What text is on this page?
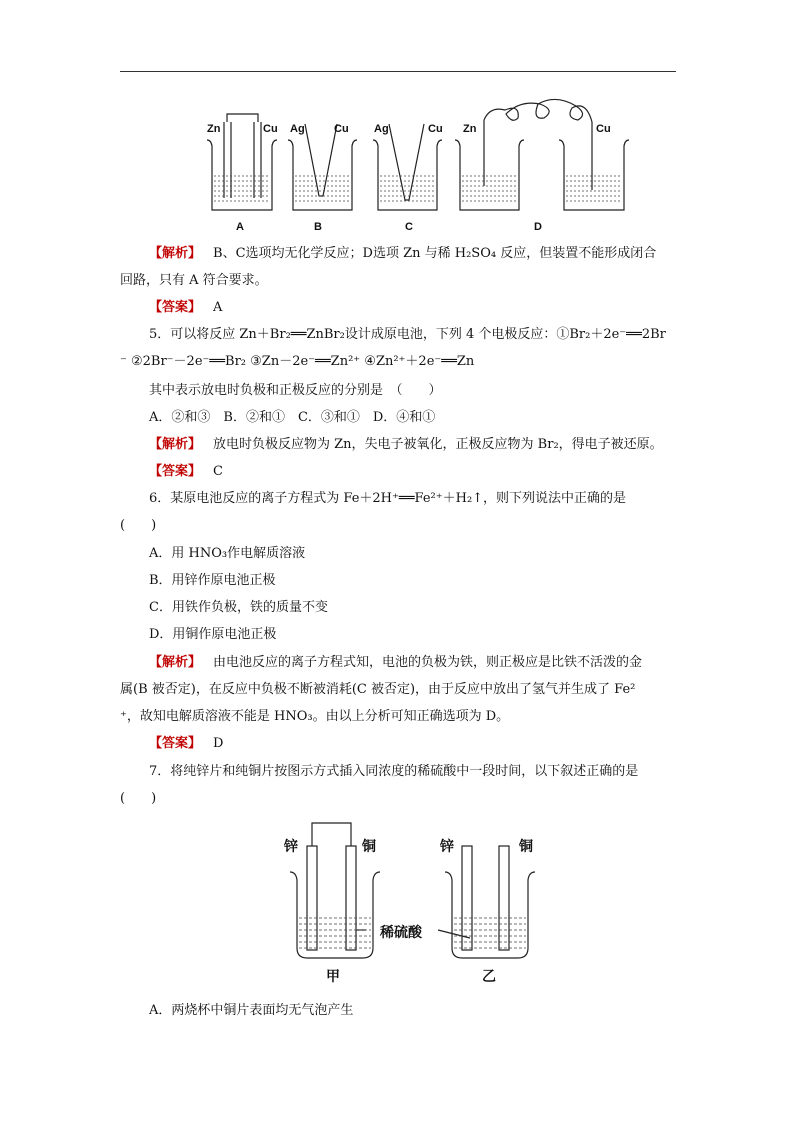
Zn	Cu Ag	Cu Ag	Cu Zn	Cu
A	B	C	D
【解析】 B、C选项均无化学反应；D选项 Zn 与稀 H₂SO₄ 反应，但装置不能形成闭合
回路，只有 A 符合要求。
【答案】 A
5．可以将反应 Zn＋Br₂══ZnBr₂设计成原电池，下列 4 个电极反应：①Br₂＋2e⁻══2Br
⁻ ②2Br⁻－2e⁻══Br₂ ③Zn－2e⁻══Zn²⁺ ④Zn²⁺＋2e⁻══Zn
其中表示放电时负极和正极反应的分别是　（　　）
A．②和③　B．②和①　C．③和①　D．④和①
【解析】 放电时负极反应物为 Zn，失电子被氧化，正极反应物为 Br₂，得电子被还原。
【答案】 C
6．某原电池反应的离子方程式为 Fe＋2H⁺══Fe²⁺＋H₂↑，则下列说法中正确的是
(　　)
A．用 HNO₃作电解质溶液
B．用锌作原电池正极
C．用铁作负极，铁的质量不变
D．用铜作原电池正极
【解析】 由电池反应的离子方程式知，电池的负极为铁，则正极应是比铁不活泼的金
属(B 被否定)，在反应中负极不断被消耗(C 被否定)，由于反应中放出了氢气并生成了 Fe²
⁺，故知电解质溶液不能是 HNO₃。由以上分析可知正确选项为 D。
【答案】 D
7．将纯锌片和纯铜片按图示方式插入同浓度的稀硫酸中一段时间，以下叙述正确的是
(　　)
锌	铜	锌	铜
稀硫酸
甲	乙
A．两烧杯中铜片表面均无气泡产生
